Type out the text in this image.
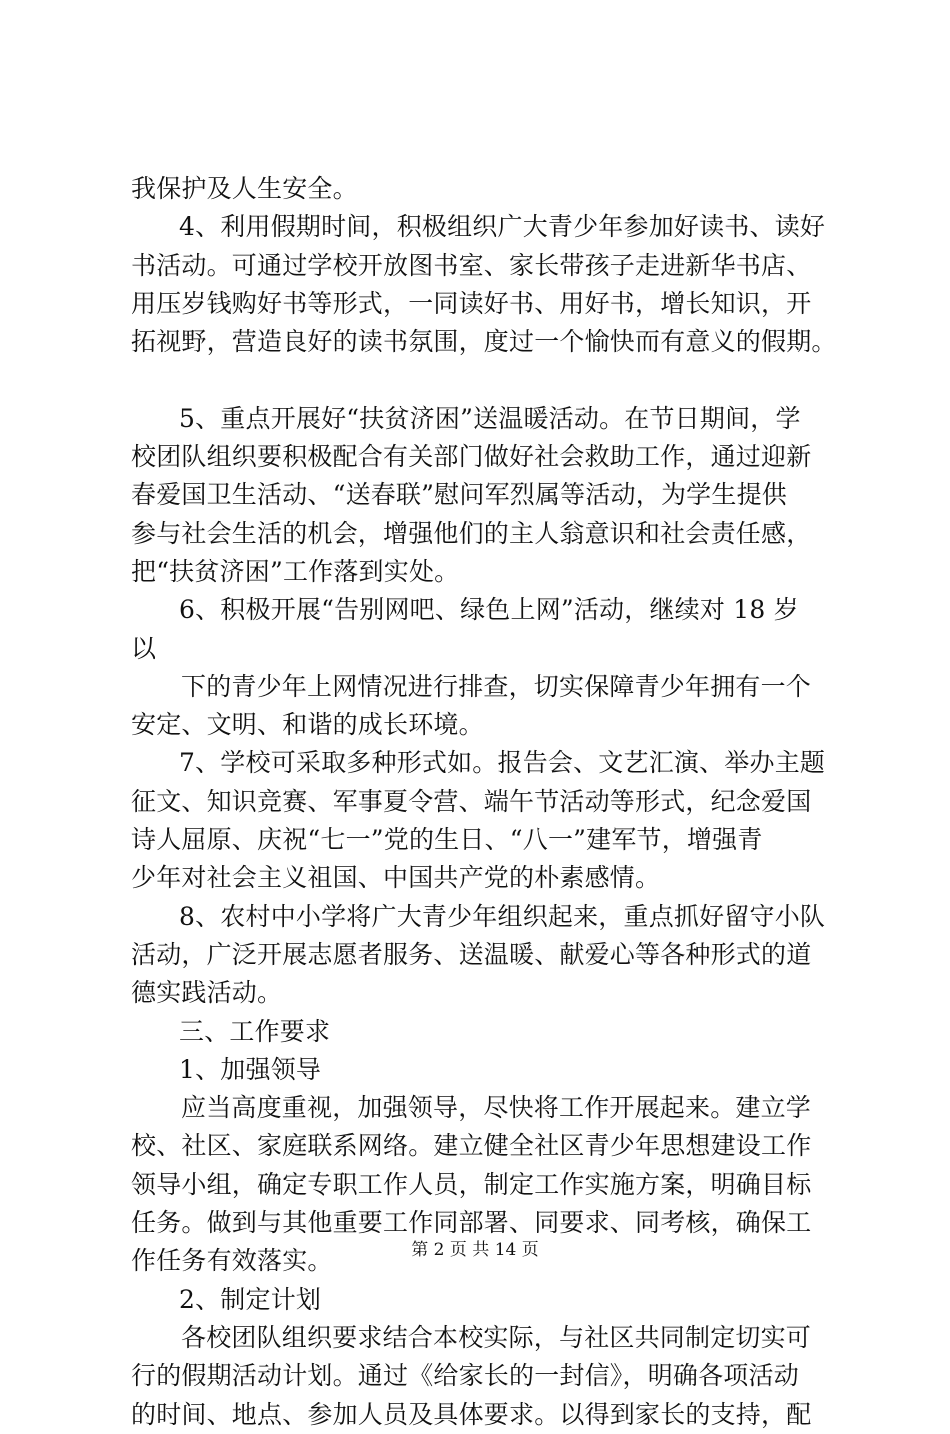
我保护及人生安全。
4、利用假期时间，积极组织广大青少年参加好读书、读好
书活动。可通过学校开放图书室、家长带孩子走进新华书店、
用压岁钱购好书等形式，一同读好书、用好书，增长知识，开
拓视野，营造良好的读书氛围，度过一个愉快而有意义的假期。
5、重点开展好“扶贫济困”送温暖活动。在节日期间，学
校团队组织要积极配合有关部门做好社会救助工作，通过迎新
春爱国卫生活动、“送春联”慰问军烈属等活动，为学生提供
参与社会生活的机会，增强他们的主人翁意识和社会责任感，
把“扶贫济困”工作落到实处。
6、积极开展“告别网吧、绿色上网”活动，继续对 18 岁
以
下的青少年上网情况进行排查，切实保障青少年拥有一个
安定、文明、和谐的成长环境。
7、学校可采取多种形式如。报告会、文艺汇演、举办主题
征文、知识竞赛、军事夏令营、端午节活动等形式，纪念爱国
诗人屈原、庆祝“七一”党的生日、“八一”建军节，增强青
少年对社会主义祖国、中国共产党的朴素感情。
8、农村中小学将广大青少年组织起来，重点抓好留守小队
活动，广泛开展志愿者服务、送温暖、献爱心等各种形式的道
德实践活动。
三、工作要求
1、加强领导
应当高度重视，加强领导，尽快将工作开展起来。建立学
校、社区、家庭联系网络。建立健全社区青少年思想建设工作
领导小组，确定专职工作人员，制定工作实施方案，明确目标
任务。做到与其他重要工作同部署、同要求、同考核，确保工
作任务有效落实。
2、制定计划
各校团队组织要求结合本校实际，与社区共同制定切实可
行的假期活动计划。通过《给家长的一封信》，明确各项活动
的时间、地点、参加人员及具体要求。以得到家长的支持，配
第 2 页 共 14 页
